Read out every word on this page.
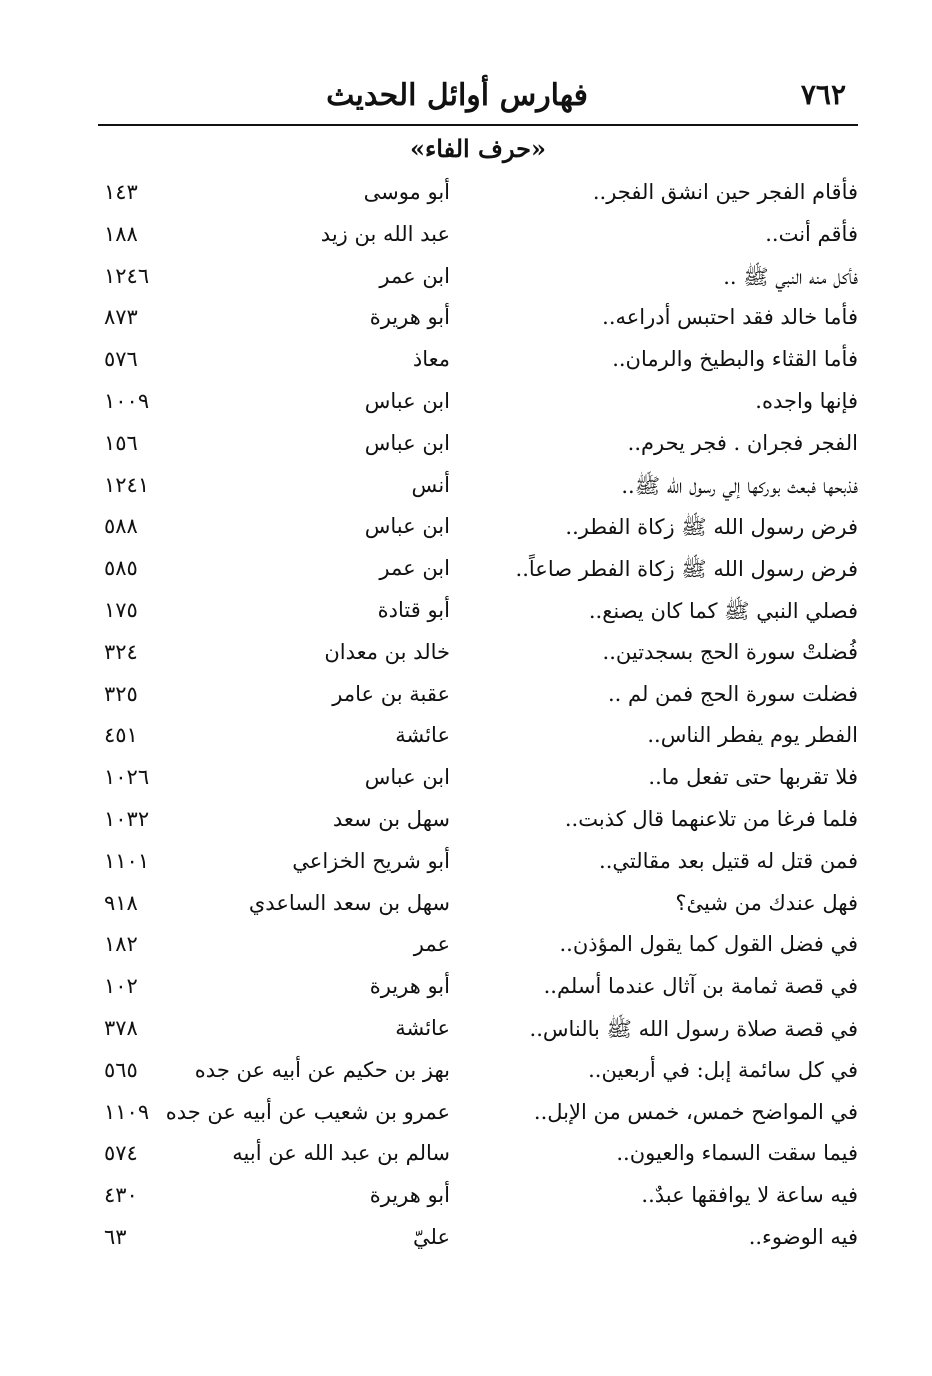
فهارس أوائل الحديث	٧٦٢
«حرف الفاء»
فأقام الفجر حين انشق الفجر..
أبو موسى
١٤٣
فأقم أنت..
عبد الله بن زيد
١٨٨
فأكل منه النبي ﷺ ..
ابن عمر
١٢٤٦
فأما خالد فقد احتبس أدراعه..
أبو هريرة
٨٧٣
فأما القثاء والبطيخ والرمان..
معاذ
٥٧٦
فإنها واجده.
ابن عباس
١٠٠٩
الفجر فجران . فجر يحرم..
ابن عباس
١٥٦
فذبحها فبعث بوركها إلي رسول الله ﷺ..
أنس
١٢٤١
فرض رسول الله ﷺ زكاة الفطر..
ابن عباس
٥٨٨
فرض رسول الله ﷺ زكاة الفطر صاعاً..
ابن عمر
٥٨٥
فصلي النبي ﷺ كما كان يصنع..
أبو قتادة
١٧٥
فُضلتْ سورة الحج بسجدتين..
خالد بن معدان
٣٢٤
فضلت سورة الحج فمن لم ..
عقبة بن عامر
٣٢٥
الفطر يوم يفطر الناس..
عائشة
٤٥١
فلا تقربها حتى تفعل ما..
ابن عباس
١٠٢٦
فلما فرغا من تلاعنهما قال كذبت..
سهل بن سعد
١٠٣٢
فمن قتل له قتيل بعد مقالتي..
أبو شريح الخزاعي
١١٠١
فهل عندك من شيئ؟
سهل بن سعد الساعدي
٩١٨
في فضل القول كما يقول المؤذن..
عمر
١٨٢
في قصة ثمامة بن آثال عندما أسلم..
أبو هريرة
١٠٢
في قصة صلاة رسول الله ﷺ بالناس..
عائشة
٣٧٨
في كل سائمة إبل: في أربعين..
بهز بن حكيم عن أبيه عن جده
٥٦٥
في المواضح خمس، خمس من الإبل..
عمرو بن شعيب عن أبيه عن جده
١١٠٩
فيما سقت السماء والعيون..
سالم بن عبد الله عن أبيه
٥٧٤
فيه ساعة لا يوافقها عبدٌ..
أبو هريرة
٤٣٠
فيه الوضوء..
عليّ
٦٣
